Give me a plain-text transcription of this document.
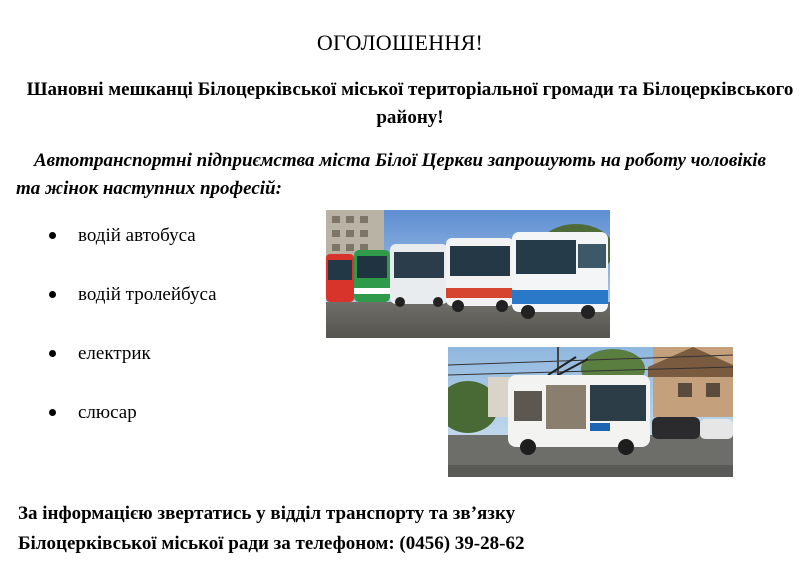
ОГОЛОШЕННЯ!
Шановні мешканці Білоцерківської міської територіальної громади та Білоцерківського району!
Автотранспортні підприємства міста Білої Церкви запрошують на роботу чоловіків та жінок наступних професій:
водій автобуса
водій тролейбуса
електрик
слюсар
За інформацією звертатись у відділ транспорту та зв’язку
Білоцерківської міської ради за телефоном: (0456) 39-28-62
